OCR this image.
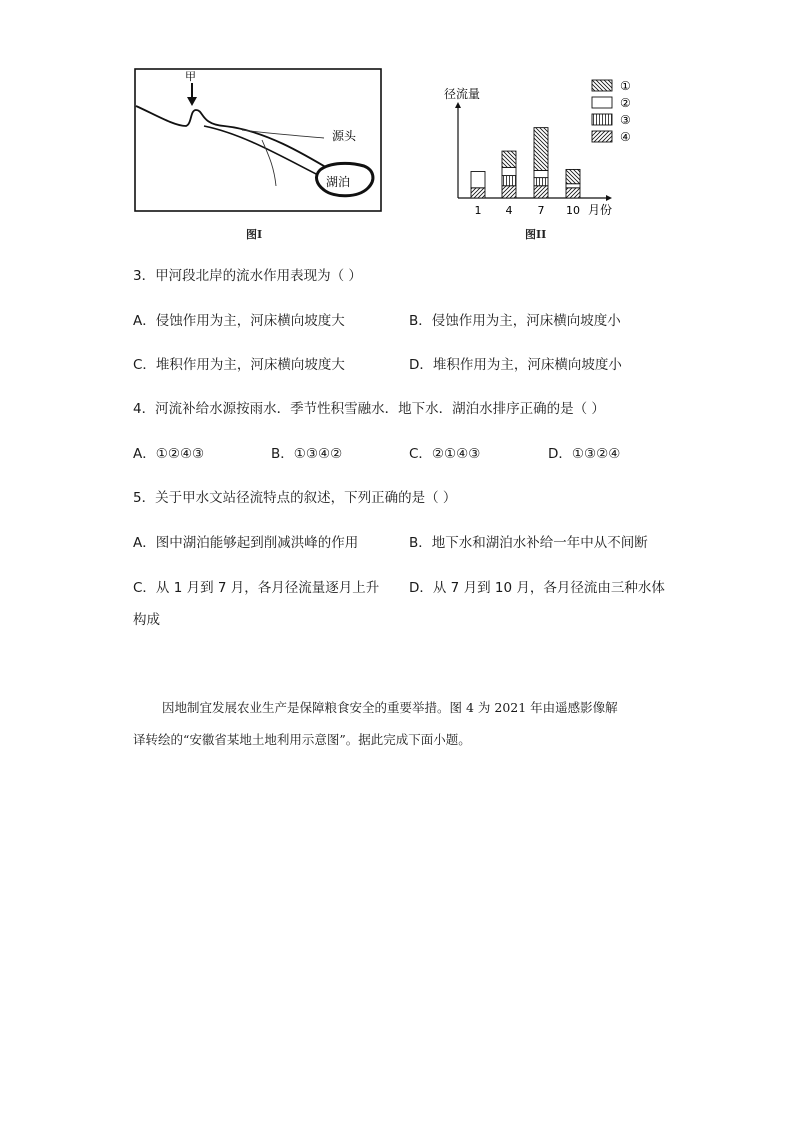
甲
源头
湖泊
图I
径流量
月份
1 4 7 10
①
②
③
④
图II
3．甲河段北岸的流水作用表现为（ ）
A．侵蚀作用为主，河床横向坡度大	B．侵蚀作用为主，河床横向坡度小
C．堆积作用为主，河床横向坡度大	D．堆积作用为主，河床横向坡度小
4．河流补给水源按雨水．季节性积雪融水．地下水．湖泊水排序正确的是（ ）
A．①②④③	B．①③④②	C．②①④③	D．①③②④
5．关于甲水文站径流特点的叙述，下列正确的是（ ）
A．图中湖泊能够起到削减洪峰的作用	B．地下水和湖泊水补给一年中从不间断
C．从 1 月到 7 月，各月径流量逐月上升 D．从 7 月到 10 月，各月径流由三种水体
构成
因地制宜发展农业生产是保障粮食安全的重要举措。图 4 为 2021 年由遥感影像解
译转绘的“安徽省某地土地利用示意图”。据此完成下面小题。
